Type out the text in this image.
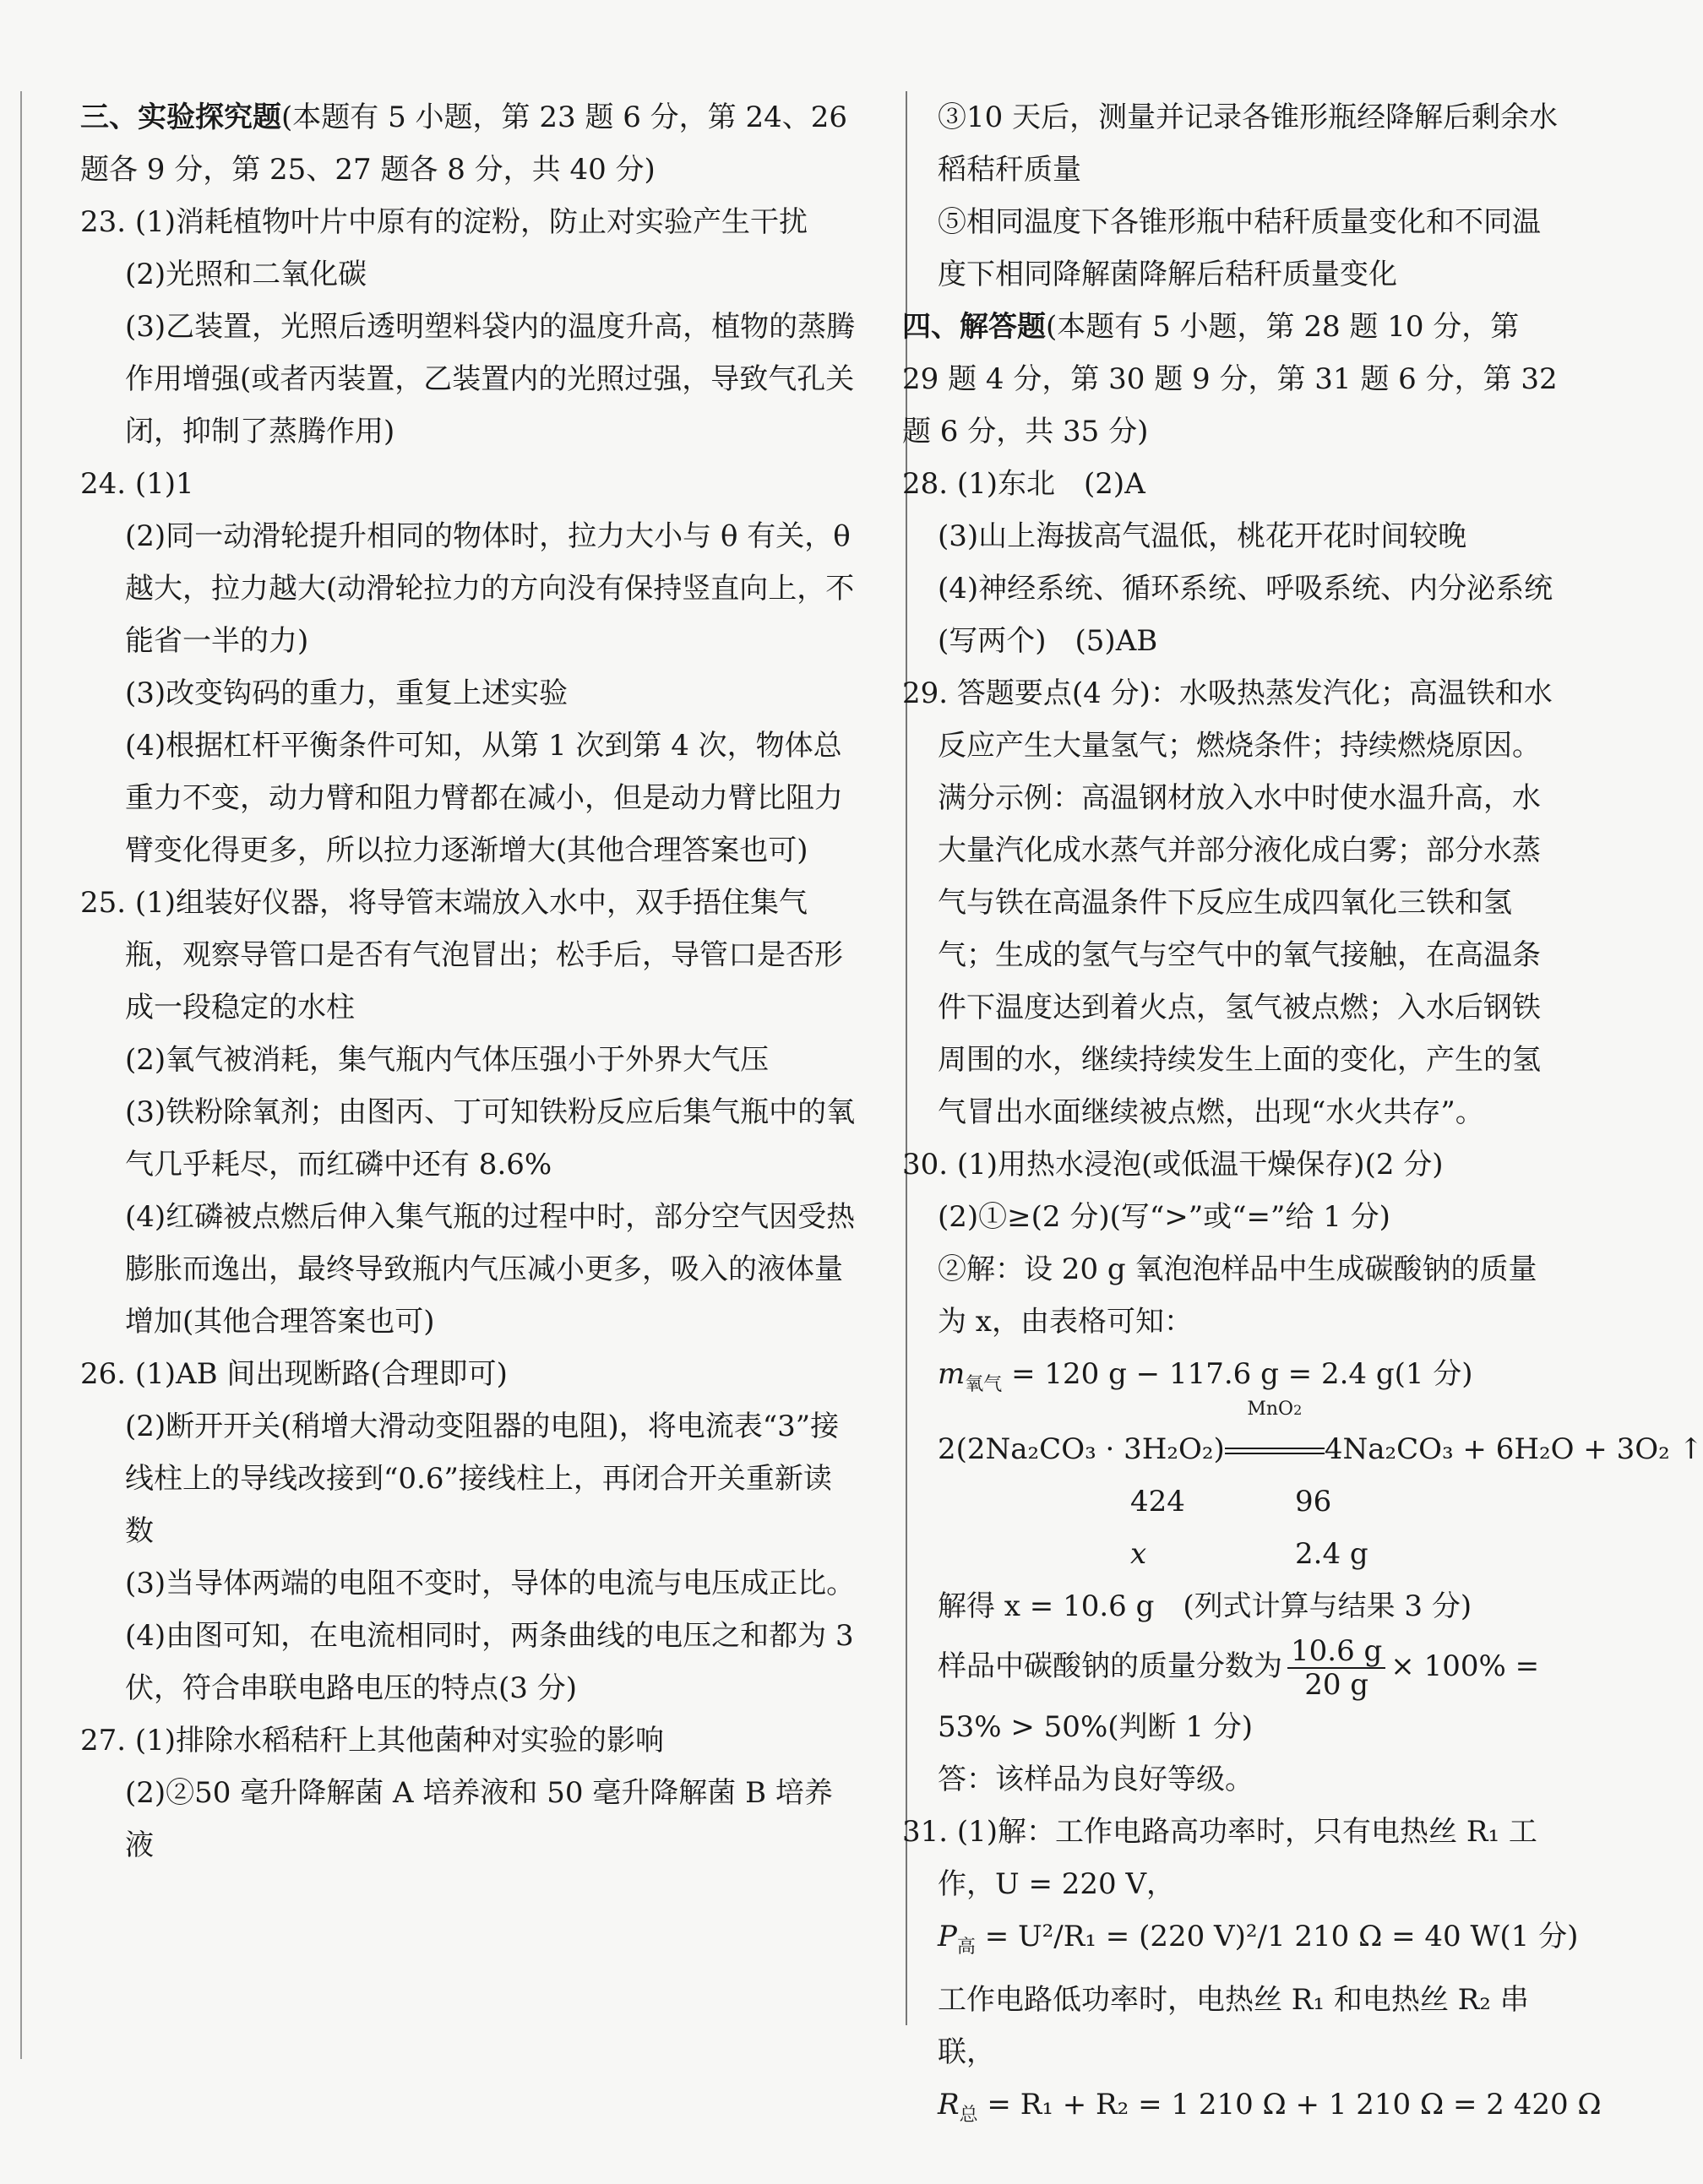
三、实验探究题(本题有 5 小题，第 23 题 6 分，第 24、26 题各 9 分，第 25、27 题各 8 分，共 40 分)

23. (1)消耗植物叶片中原有的淀粉，防止对实验产生干扰

(2)光照和二氧化碳

(3)乙装置，光照后透明塑料袋内的温度升高，植物的蒸腾作用增强(或者丙装置，乙装置内的光照过强，导致气孔关闭，抑制了蒸腾作用)

24. (1)1

(2)同一动滑轮提升相同的物体时，拉力大小与 θ 有关，θ 越大，拉力越大(动滑轮拉力的方向没有保持竖直向上，不能省一半的力)

(3)改变钩码的重力，重复上述实验

(4)根据杠杆平衡条件可知，从第 1 次到第 4 次，物体总重力不变，动力臂和阻力臂都在减小，但是动力臂比阻力臂变化得更多，所以拉力逐渐增大(其他合理答案也可)

25. (1)组装好仪器，将导管末端放入水中，双手捂住集气瓶，观察导管口是否有气泡冒出；松手后，导管口是否形成一段稳定的水柱

(2)氧气被消耗，集气瓶内气体压强小于外界大气压

(3)铁粉除氧剂；由图丙、丁可知铁粉反应后集气瓶中的氧气几乎耗尽，而红磷中还有 8.6%

(4)红磷被点燃后伸入集气瓶的过程中时，部分空气因受热膨胀而逸出，最终导致瓶内气压减小更多，吸入的液体量增加(其他合理答案也可)

26. (1)AB 间出现断路(合理即可)

(2)断开开关(稍增大滑动变阻器的电阻)，将电流表“3”接线柱上的导线改接到“0.6”接线柱上，再闭合开关重新读数

(3)当导体两端的电阻不变时，导体的电流与电压成正比。

(4)由图可知，在电流相同时，两条曲线的电压之和都为 3 伏，符合串联电路电压的特点(3 分)

27. (1)排除水稻秸秆上其他菌种对实验的影响

(2)②50 毫升降解菌 A 培养液和 50 毫升降解菌 B 培养液

③10 天后，测量并记录各锥形瓶经降解后剩余水稻秸秆质量

⑤相同温度下各锥形瓶中秸秆质量变化和不同温度下相同降解菌降解后秸秆质量变化

四、解答题(本题有 5 小题，第 28 题 10 分，第 29 题 4 分，第 30 题 9 分，第 31 题 6 分，第 32 题 6 分，共 35 分)

28. (1)东北　(2)A

(3)山上海拔高气温低，桃花开花时间较晚

(4)神经系统、循环系统、呼吸系统、内分泌系统(写两个)　(5)AB

29. 答题要点(4 分)：水吸热蒸发汽化；高温铁和水反应产生大量氢气；燃烧条件；持续燃烧原因。

满分示例：高温钢材放入水中时使水温升高，水大量汽化成水蒸气并部分液化成白雾；部分水蒸气与铁在高温条件下反应生成四氧化三铁和氢气；生成的氢气与空气中的氧气接触，在高温条件下温度达到着火点，氢气被点燃；入水后钢铁周围的水，继续持续发生上面的变化，产生的氢气冒出水面继续被点燃，出现“水火共存”。

30. (1)用热水浸泡(或低温干燥保存)(2 分)

(2)①≥(2 分)(写“>”或“=”给 1 分)

②解：设 20 g 氧泡泡样品中生成碳酸钠的质量为 x，由表格可知：

$m_{氧气} = 120$ g − 117.6 g = 2.4 g(1 分)

2(2Na₂CO₃ · 3H₂O₂)
MnO2
4Na₂CO₃ + 6H₂O + 3O₂ ↑

424	96
x	2.4 g

解得 x = 10.6 g　(列式计算与结果 3 分)

样品中碳酸钠的质量分数为 $\frac{10.6 g}{20 g} \times 100\%$ =

53% > 50%(判断 1 分)

答：该样品为良好等级。

31. (1)解：工作电路高功率时，只有电热丝 R₁ 工作，U = 220 V，

$P_高 = U^2/R_1 = (220$ V)²/1 210 Ω = 40 W(1 分)

工作电路低功率时，电热丝 R₁ 和电热丝 R₂ 串联，

$R_总 = R_1 + R_2 = 1$ 210 Ω + 1 210 Ω = 2 420 Ω
